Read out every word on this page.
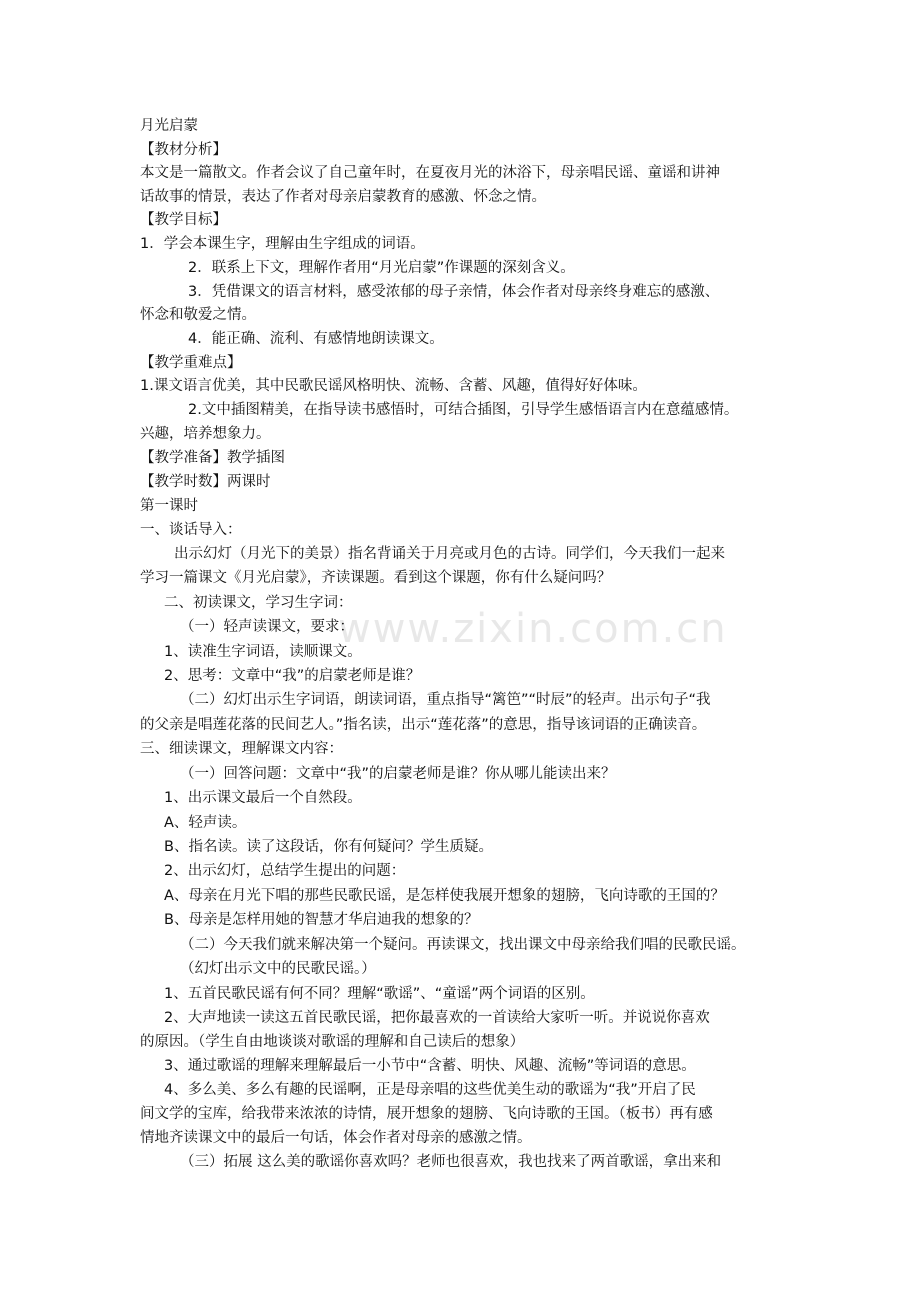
www.zixin.com.cn
月光启蒙
【教材分析】
本文是一篇散文。作者会议了自己童年时，在夏夜月光的沐浴下，母亲唱民谣、童谣和讲神
话故事的情景，表达了作者对母亲启蒙教育的感激、怀念之情。
【教学目标】
1．学会本课生字，理解由生字组成的词语。
2．联系上下文，理解作者用“月光启蒙”作课题的深刻含义。
3．凭借课文的语言材料，感受浓郁的母子亲情，体会作者对母亲终身难忘的感激、
怀念和敬爱之情。
4．能正确、流利、有感情地朗读课文。
【教学重难点】
1.课文语言优美，其中民歌民谣风格明快、流畅、含蓄、风趣，值得好好体味。
2.文中插图精美，在指导读书感悟时，可结合插图，引导学生感悟语言内在意蕴感情。
兴趣，培养想象力。
【教学准备】教学插图
【教学时数】两课时
第一课时
一、谈话导入：
出示幻灯（月光下的美景）指名背诵关于月亮或月色的古诗。同学们，今天我们一起来
学习一篇课文《月光启蒙》，齐读课题。看到这个课题，你有什么疑问吗？
二、初读课文，学习生字词：
（一）轻声读课文，要求：
1、读准生字词语，读顺课文。
2、思考：文章中“我”的启蒙老师是谁？
（二）幻灯出示生字词语，朗读词语，重点指导“篱笆”“时辰”的轻声。出示句子“我
的父亲是唱莲花落的民间艺人。”指名读，出示“莲花落”的意思，指导该词语的正确读音。
三、细读课文，理解课文内容：
（一）回答问题：文章中“我”的启蒙老师是谁？你从哪儿能读出来？
1、出示课文最后一个自然段。
A、轻声读。
B、指名读。读了这段话，你有何疑问？学生质疑。
2、出示幻灯，总结学生提出的问题：
A、母亲在月光下唱的那些民歌民谣，是怎样使我展开想象的翅膀，飞向诗歌的王国的？
B、母亲是怎样用她的智慧才华启迪我的想象的？
（二）今天我们就来解决第一个疑问。再读课文，找出课文中母亲给我们唱的民歌民谣。
（幻灯出示文中的民歌民谣。）
1、五首民歌民谣有何不同？理解“歌谣”、“童谣”两个词语的区别。
2、大声地读一读这五首民歌民谣，把你最喜欢的一首读给大家听一听。并说说你喜欢
的原因。（学生自由地谈谈对歌谣的理解和自己读后的想象）
3、通过歌谣的理解来理解最后一小节中“含蓄、明快、风趣、流畅”等词语的意思。
4、多么美、多么有趣的民谣啊，正是母亲唱的这些优美生动的歌谣为“我”开启了民
间文学的宝库，给我带来浓浓的诗情，展开想象的翅膀、飞向诗歌的王国。（板书）再有感
情地齐读课文中的最后一句话，体会作者对母亲的感激之情。
（三）拓展 这么美的歌谣你喜欢吗？老师也很喜欢，我也找来了两首歌谣，拿出来和
